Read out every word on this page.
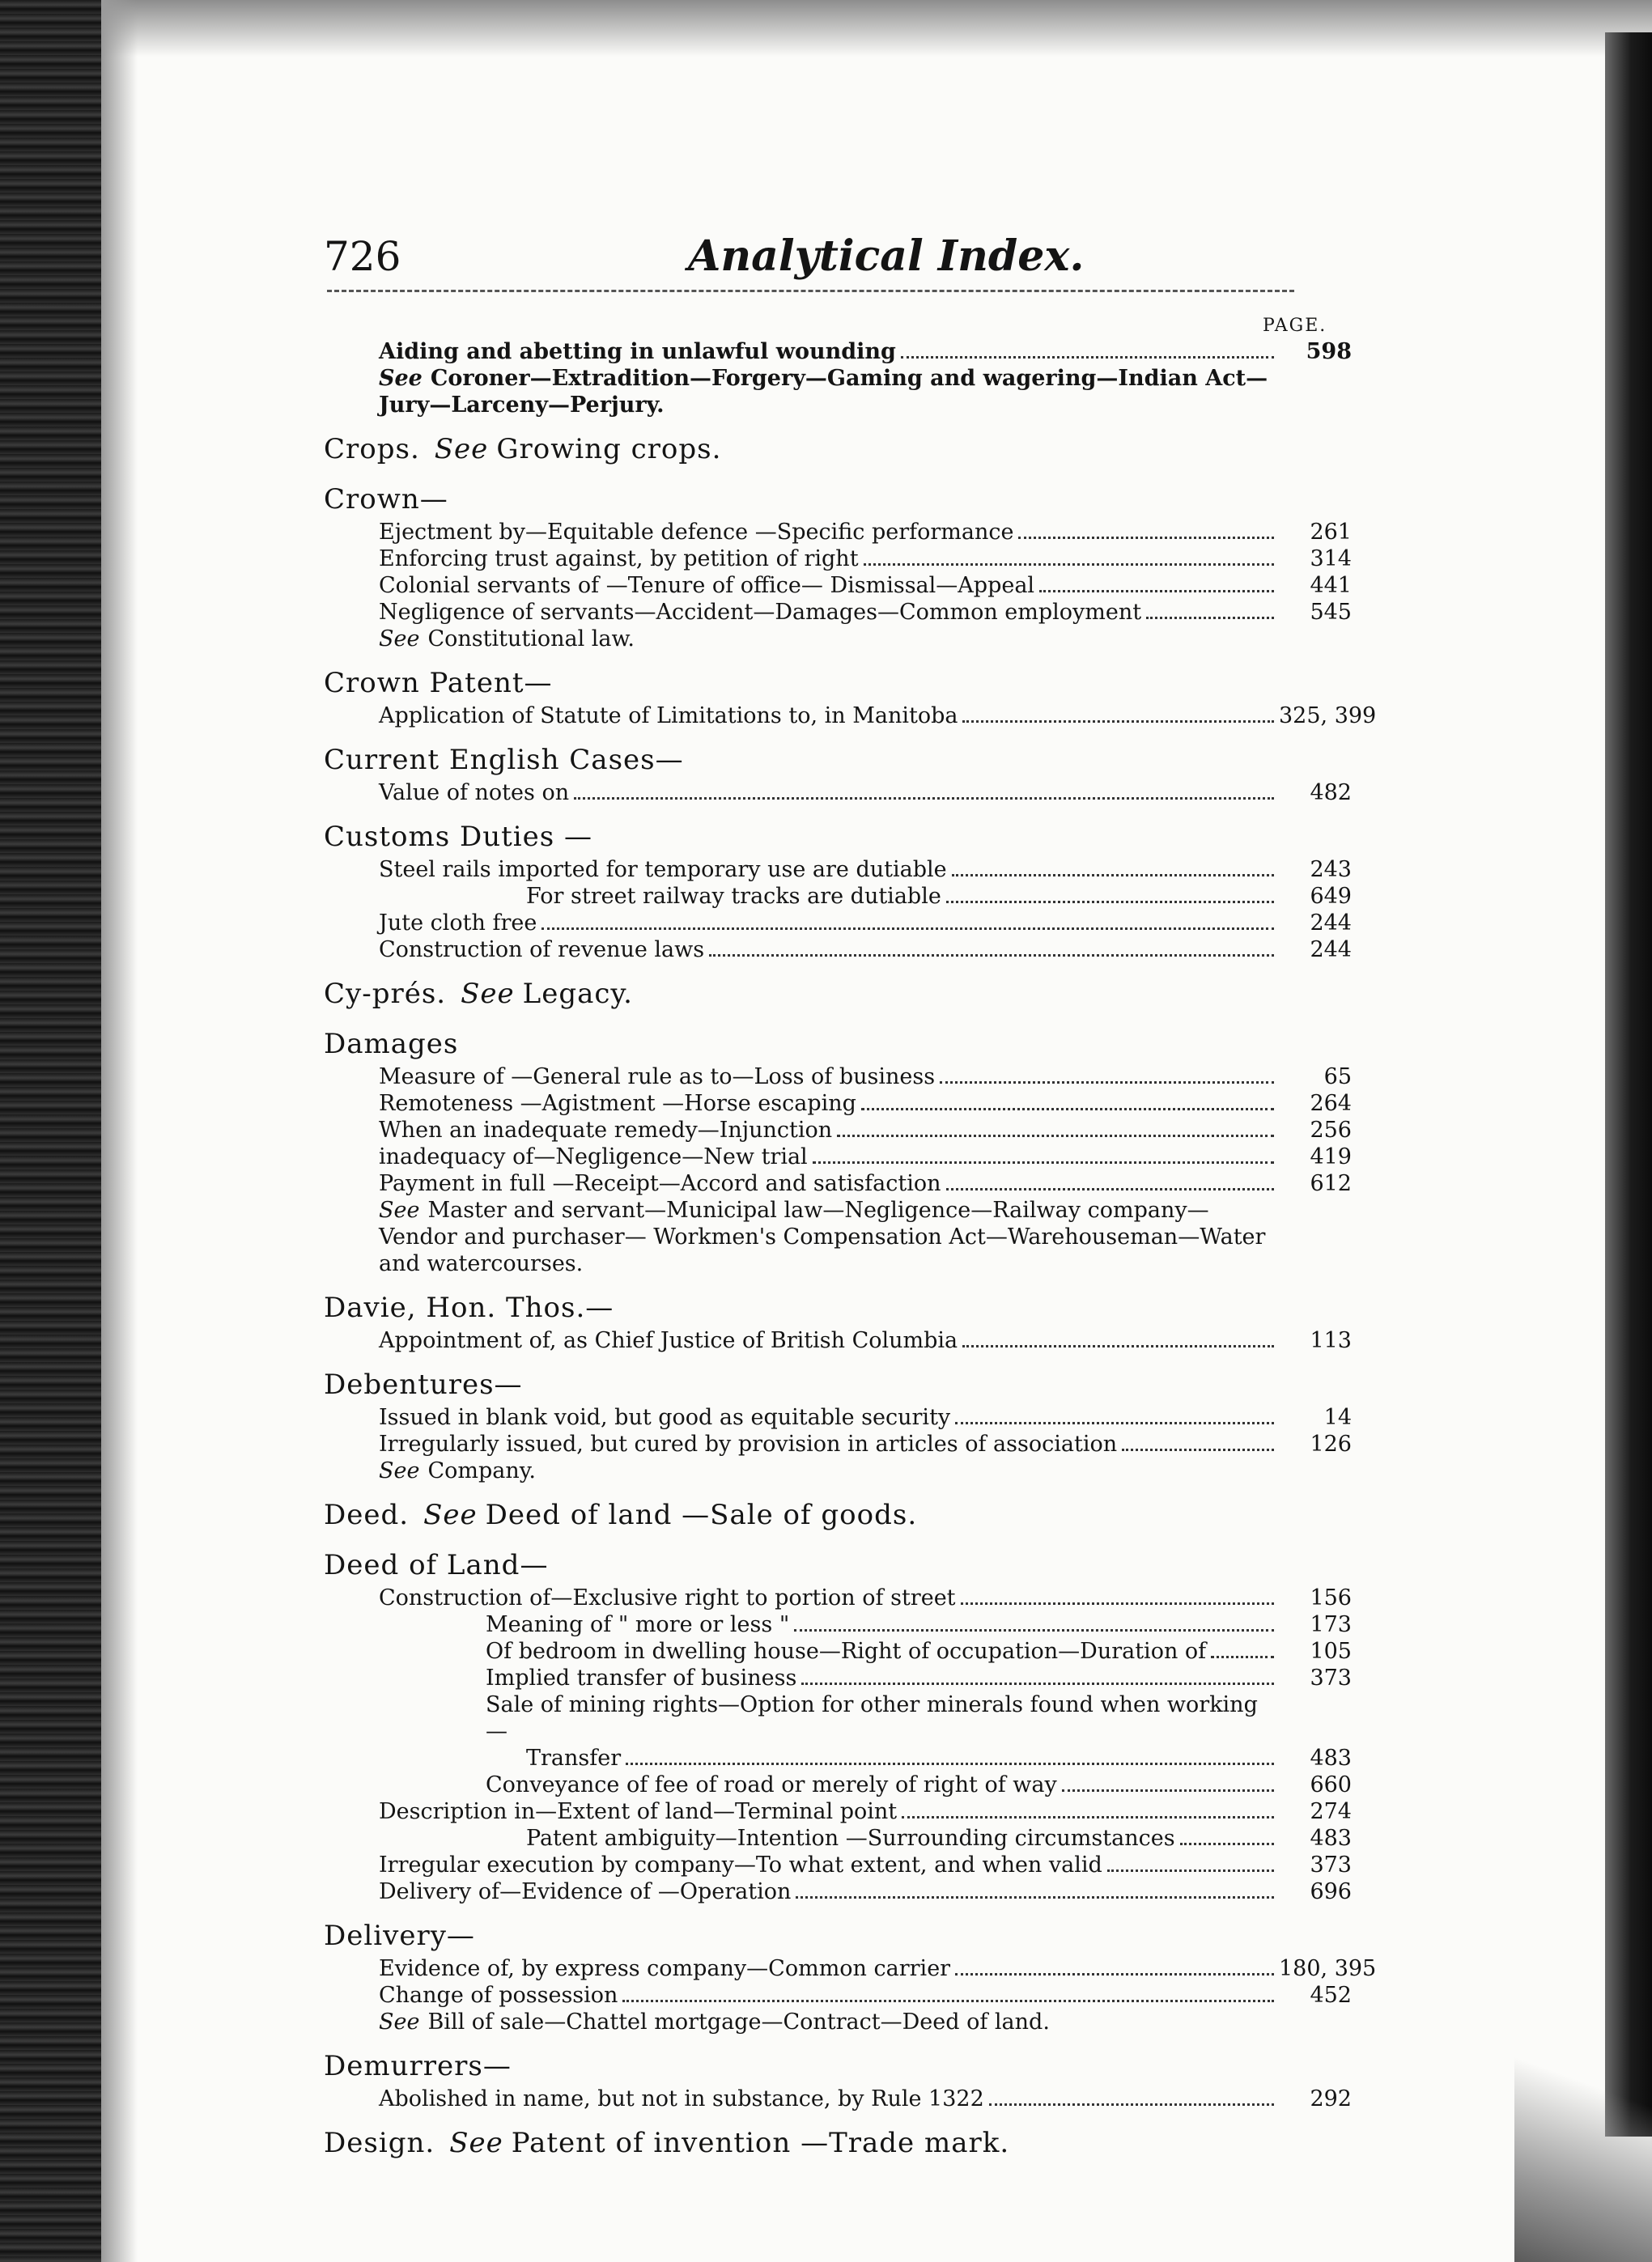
726	Analytical Index.
PAGE.
Aiding and abetting in unlawful wounding	598
See Coroner—Extradition—Forgery—Gaming and wagering—Indian Act—Jury—Larceny—Perjury.
Crops. See Growing crops.
Crown—
Ejectment by—Equitable defence —Specific performance	261
Enforcing trust against, by petition of right	314
Colonial servants of —Tenure of office— Dismissal—Appeal	441
Negligence of servants—Accident—Damages—Common employment	545
See Constitutional law.
Crown Patent—
Application of Statute of Limitations to, in Manitoba	325, 399
Current English Cases—
Value of notes on	482
Customs Duties —
Steel rails imported for temporary use are dutiable	243
For street railway tracks are dutiable	649
Jute cloth free	244
Construction of revenue laws	244
Cy-prés. See Legacy.
Damages
Measure of —General rule as to—Loss of business	65
Remoteness —Agistment —Horse escaping	264
When an inadequate remedy—Injunction	256
inadequacy of—Negligence—New trial	419
Payment in full —Receipt—Accord and satisfaction	612
See Master and servant—Municipal law—Negligence—Railway company—Vendor and purchaser— Workmen's Compensation Act—Warehouseman—Water and watercourses.
Davie, Hon. Thos.—
Appointment of, as Chief Justice of British Columbia	113
Debentures—
Issued in blank void, but good as equitable security	14
Irregularly issued, but cured by provision in articles of association	126
See Company.
Deed. See Deed of land —Sale of goods.
Deed of Land—
Construction of—Exclusive right to portion of street	156
Meaning of " more or less "	173
Of bedroom in dwelling house—Right of occupation—Duration of	105
Implied transfer of business	373
Sale of mining rights—Option for other minerals found when working—
Transfer	483
Conveyance of fee of road or merely of right of way	660
Description in—Extent of land—Terminal point	274
Patent ambiguity—Intention —Surrounding circumstances	483
Irregular execution by company—To what extent, and when valid	373
Delivery of—Evidence of —Operation	696
Delivery—
Evidence of, by express company—Common carrier	180, 395
Change of possession	452
See Bill of sale—Chattel mortgage—Contract—Deed of land.
Demurrers—
Abolished in name, but not in substance, by Rule 1322	292
Design. See Patent of invention —Trade mark.
